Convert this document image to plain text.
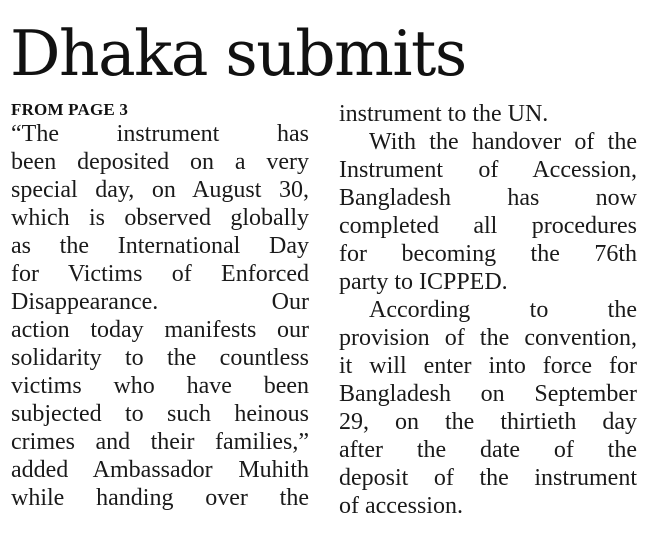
Dhaka submits
FROM PAGE 3
“The instrument has
been deposited on a very
special day, on August 30,
which is observed globally
as the International Day
for Victims of Enforced
Disappearance. Our
action today manifests our
solidarity to the countless
victims who have been
subjected to such heinous
crimes and their families,”
added Ambassador Muhith
while handing over the
instrument to the UN.
With the handover of the
Instrument of Accession,
Bangladesh has now
completed all procedures
for becoming the 76th
party to ICPPED.
According to the
provision of the convention,
it will enter into force for
Bangladesh on September
29, on the thirtieth day
after the date of the
deposit of the instrument
of accession.
